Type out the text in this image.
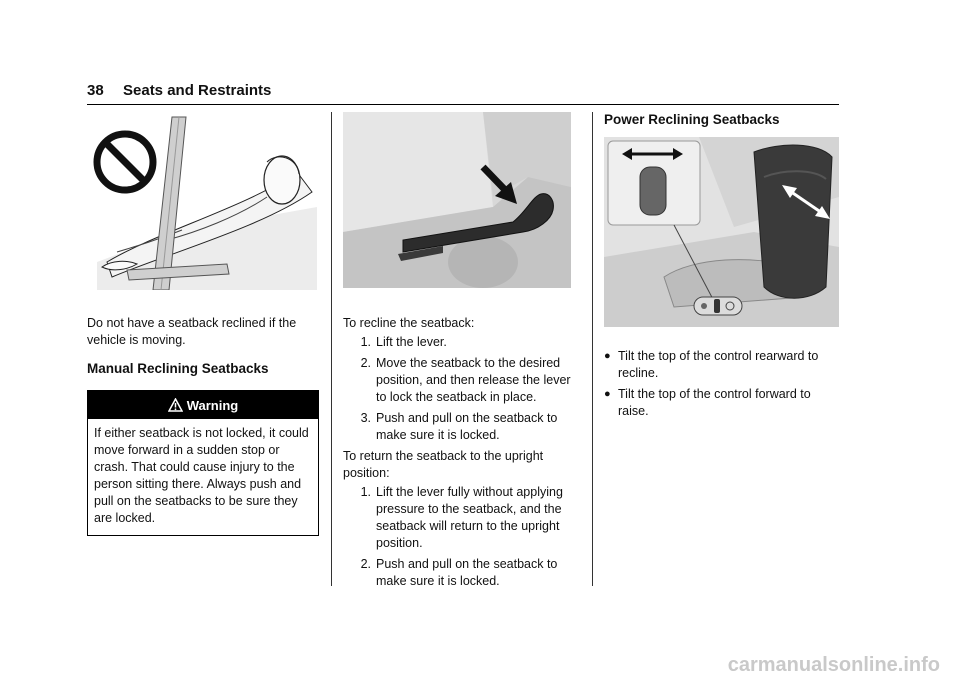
38 Seats and Restraints

Do not have a seatback reclined if the vehicle is moving.

Manual Reclining Seatbacks

Warning
If either seatback is not locked, it could move forward in a sudden stop or crash. That could cause injury to the person sitting there. Always push and pull on the seatbacks to be sure they are locked.

To recline the seatback:

1. Lift the lever.
2. Move the seatback to the desired position, and then release the lever to lock the seatback in place.
3. Push and pull on the seatback to make sure it is locked.

To return the seatback to the upright position:

1. Lift the lever fully without applying pressure to the seatback, and the seatback will return to the upright position.
2. Push and pull on the seatback to make sure it is locked.

Power Reclining Seatbacks

● Tilt the top of the control rearward to recline.
● Tilt the top of the control forward to raise.
carmanualsonline.info
